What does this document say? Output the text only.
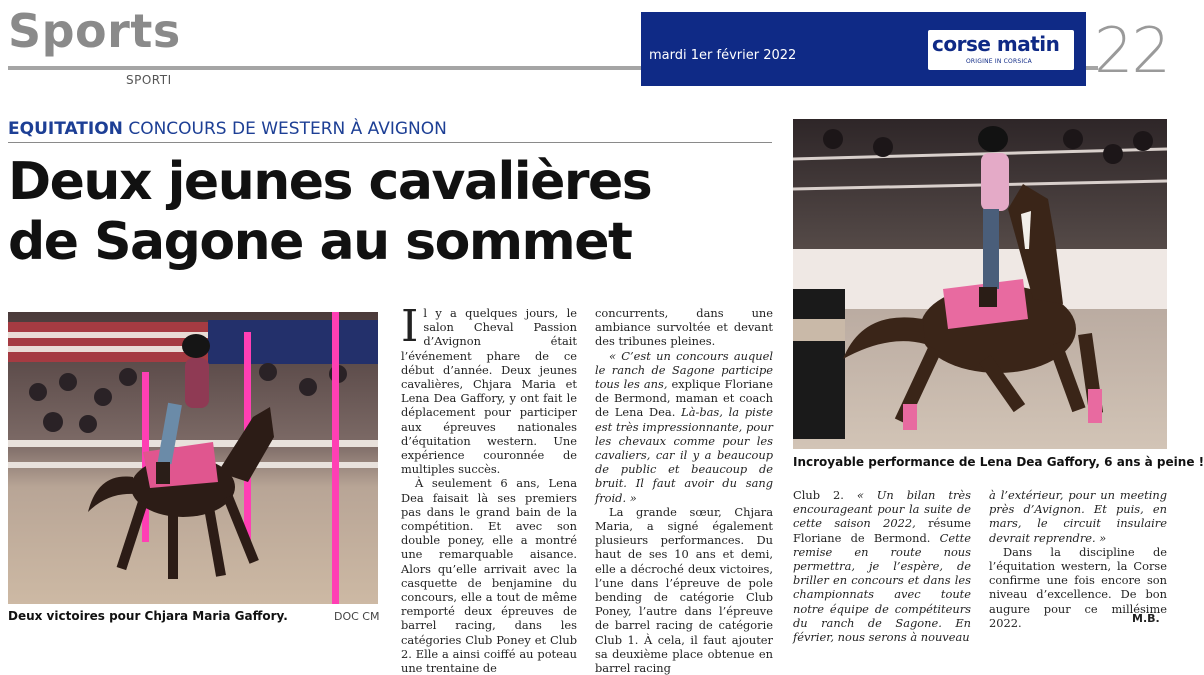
Sports
SPORTI
mardi 1er février 2022	corse matin
ORIGINE IN CORSICA 22
EQUITATION CONCOURS DE WESTERN À AVIGNON
Deux jeunes cavalières
de Sagone au sommet
Deux victoires pour Chjara Maria Gaffory.	DOC CM
Incroyable performance de Lena Dea Gaffory, 6 ans à peine !

Il y a quelques jours, le salon Cheval Passion d’Avignon était l’événement phare de ce début d’année. Deux jeunes cavalières, Chjara Maria et Lena Dea Gaffory, y ont fait le déplacement pour participer aux épreuves nationales d’équitation western. Une expérience couronnée de multiples succès.

À seulement 6 ans, Lena Dea faisait là ses premiers pas dans le grand bain de la compétition. Et avec son double poney, elle a montré une remarquable aisance. Alors qu’elle arrivait avec la casquette de benjamine du concours, elle a tout de même remporté deux épreuves de barrel racing, dans les catégories Club Poney et Club 2. Elle a ainsi coiffé au poteau une trentaine de

concurrents, dans une ambiance survoltée et devant des tribunes pleines.

« C’est un concours auquel le ranch de Sagone participe tous les ans, explique Floriane de Bermond, maman et coach de Lena Dea. Là-bas, la piste est très impressionnante, pour les chevaux comme pour les cavaliers, car il y a beaucoup de public et beaucoup de bruit. Il faut avoir du sang froid. »

La grande sœur, Chjara Maria, a signé également plusieurs performances. Du haut de ses 10 ans et demi, elle a décroché deux victoires, l’une dans l’épreuve de pole bending de catégorie Club Poney, l’autre dans l’épreuve de barrel racing de catégorie Club 1. À cela, il faut ajouter sa deuxième place obtenue en barrel racing

Club 2. « Un bilan très encourageant pour la suite de cette saison 2022, résume Floriane de Bermond. Cette remise en route nous permettra, je l’espère, de briller en concours et dans les championnats avec toute notre équipe de compétiteurs du ranch de Sagone. En février, nous serons à nouveau

à l’extérieur, pour un meeting près d’Avignon. Et puis, en mars, le circuit insulaire devrait reprendre. »

Dans la discipline de l’équitation western, la Corse confirme une fois encore son niveau d’excellence. De bon augure pour ce millésime 2022.	M.B.
